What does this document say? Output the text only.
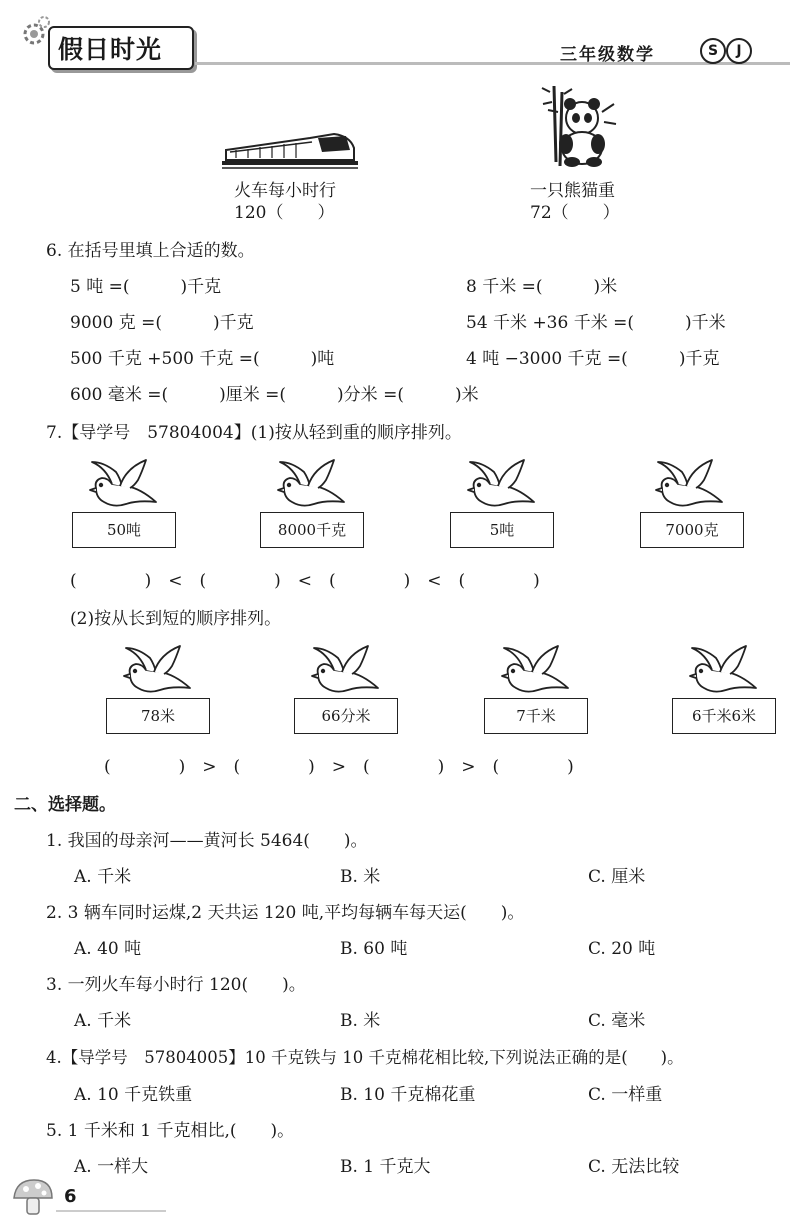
假日时光	三年级数学	S	J
火车每小时行
120（　　）
一只熊猫重
72（　　）
6. 在括号里填上合适的数。
5 吨 =(　　　)千克	8 千米 =(　　　)米
9000 克 =(　　　)千克	54 千米 +36 千米 =(　　　)千米
500 千克 +500 千克 =(　　　)吨	4 吨 −3000 千克 =(　　　)千克
600 毫米 =(　　　)厘米 =(　　　)分米 =(　　　)米
7.【导学号　57804004】(1)按从轻到重的顺序排列。
50吨	8000千克	5吨	7000克
(　　　　)　<　(　　　　)　<　(　　　　)　<　(　　　　)
(2)按从长到短的顺序排列。
78米	66分米	7千米	6千米6米
(　　　　)　>　(　　　　)　>　(　　　　)　>　(　　　　)
二、选择题。
1. 我国的母亲河——黄河长 5464(　　)。
A. 千米	B. 米	C. 厘米
2. 3 辆车同时运煤,2 天共运 120 吨,平均每辆车每天运(　　)。
A. 40 吨	B. 60 吨	C. 20 吨
3. 一列火车每小时行 120(　　)。
A. 千米	B. 米	C. 毫米
4.【导学号　57804005】10 千克铁与 10 千克棉花相比较,下列说法正确的是(　　)。
A. 10 千克铁重	B. 10 千克棉花重	C. 一样重
5. 1 千米和 1 千克相比,(　　)。
A. 一样大	B. 1 千克大	C. 无法比较
6
